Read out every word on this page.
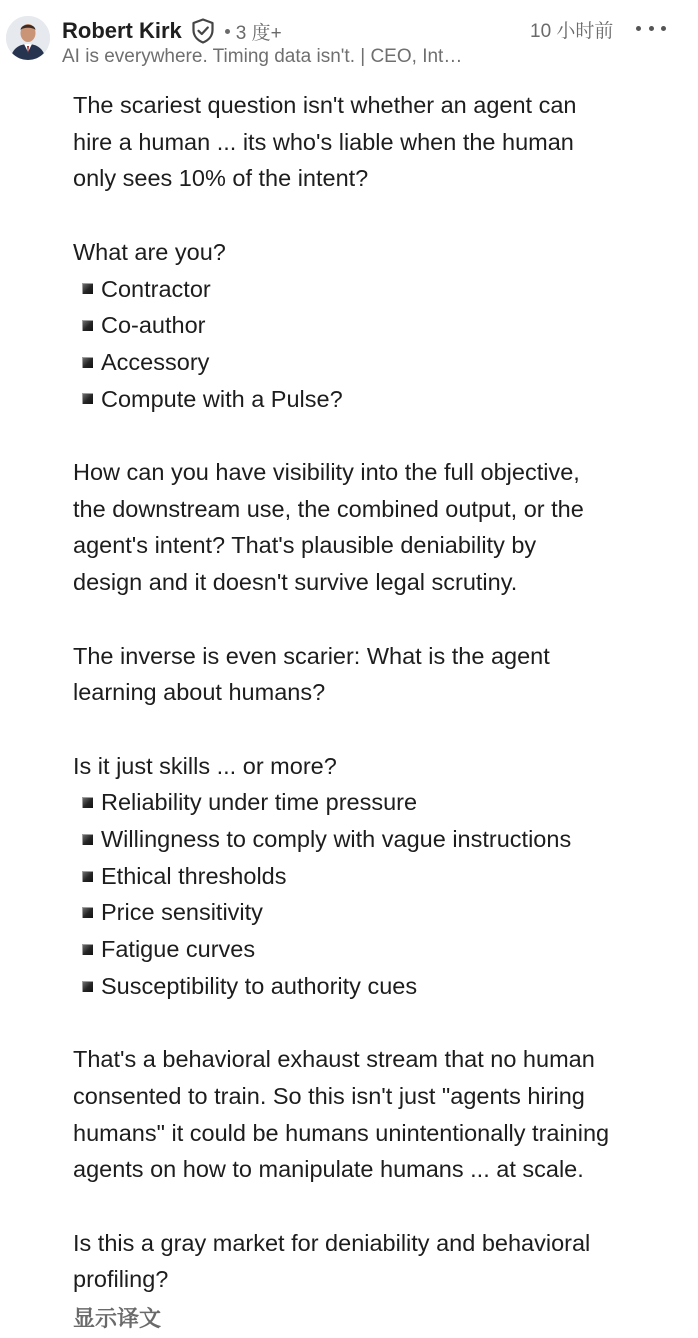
Robert Kirk	3 度+
AI is everywhere. Timing data isn't. | CEO, Int…
10 小时前

The scariest question isn't whether an agent can

hire a human ... its who's liable when the human

only sees 10% of the intent?

What are you?

Contractor
Co-author
Accessory
Compute with a Pulse?

How can you have visibility into the full objective,

the downstream use, the combined output, or the

agent's intent? That's plausible deniability by

design and it doesn't survive legal scrutiny.

The inverse is even scarier: What is the agent

learning about humans?

Is it just skills ... or more?

Reliability under time pressure
Willingness to comply with vague instructions
Ethical thresholds
Price sensitivity
Fatigue curves
Susceptibility to authority cues

That's a behavioral exhaust stream that no human

consented to train. So this isn't just "agents hiring

humans" it could be humans unintentionally training

agents on how to manipulate humans ... at scale.

Is this a gray market for deniability and behavioral

profiling?

显示译文
